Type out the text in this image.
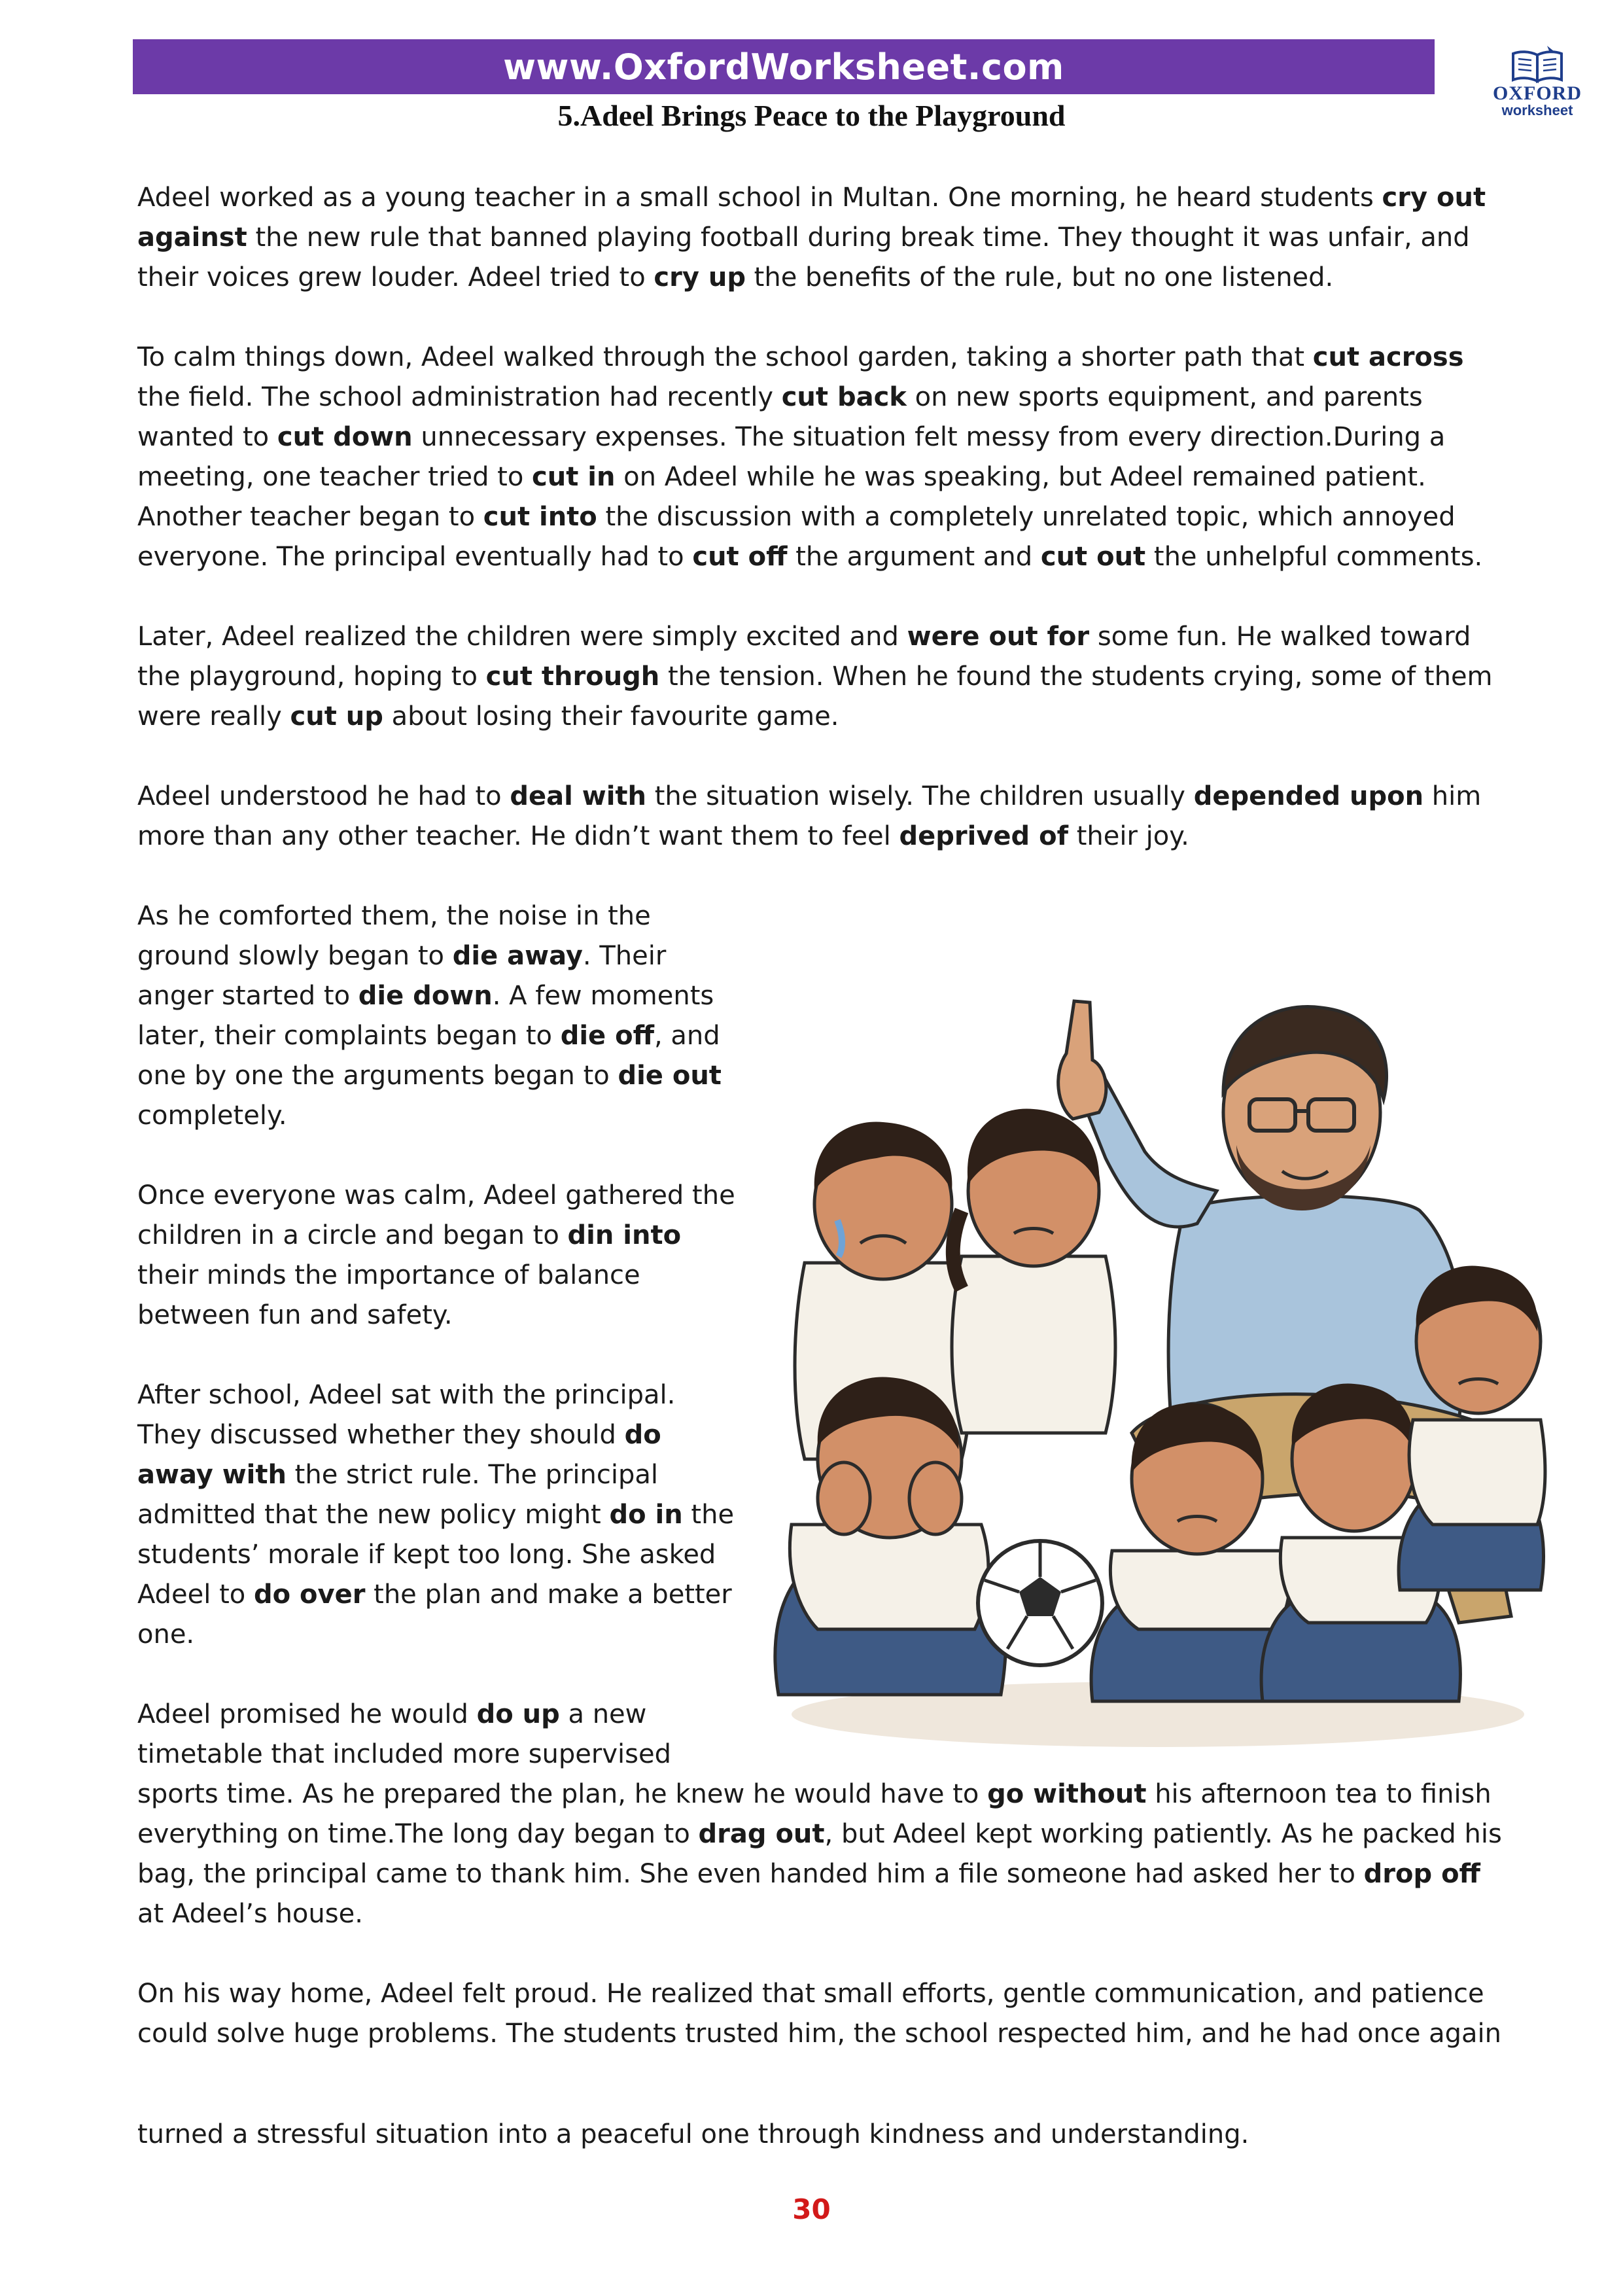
www.OxfordWorksheet.com
OXFORD
worksheet
5.Adeel Brings Peace to the Playground

Adeel worked as a young teacher in a small school in Multan. One morning, he heard students cry out against the new rule that banned playing football during break time. They thought it was unfair, and their voices grew louder. Adeel tried to cry up the benefits of the rule, but no one listened.

To calm things down, Adeel walked through the school garden, taking a shorter path that cut across the field. The school administration had recently cut back on new sports equipment, and parents wanted to cut down unnecessary expenses. The situation felt messy from every direction.During a meeting, one teacher tried to cut in on Adeel while he was speaking, but Adeel remained patient. Another teacher began to cut into the discussion with a completely unrelated topic, which annoyed everyone. The principal eventually had to cut off the argument and cut out the unhelpful comments.

Later, Adeel realized the children were simply excited and were out for some fun. He walked toward the playground, hoping to cut through the tension. When he found the students crying, some of them were really cut up about losing their favourite game.

Adeel understood he had to deal with the situation wisely. The children usually depended upon him more than any other teacher. He didn’t want them to feel deprived of their joy.

As he comforted them, the noise in the ground slowly began to die away. Their anger started to die down. A few moments later, their complaints began to die off, and one by one the arguments began to die out completely.

Once everyone was calm, Adeel gathered the children in a circle and began to din into their minds the importance of balance between fun and safety.

After school, Adeel sat with the principal. They discussed whether they should do away with the strict rule. The principal admitted that the new policy might do in the students’ morale if kept too long. She asked Adeel to do over the plan and make a better one.

Adeel promised he would do up a new timetable that included more supervised sports time. As he prepared the plan, he knew he would have to go without his afternoon tea to finish everything on time.The long day began to drag out, but Adeel kept working patiently. As he packed his bag, the principal came to thank him. She even handed him a file someone had asked her to drop off at Adeel’s house.

On his way home, Adeel felt proud. He realized that small efforts, gentle communication, and patience could solve huge problems. The students trusted him, the school respected him, and he had once again

turned a stressful situation into a peaceful one through kindness and understanding.
30
